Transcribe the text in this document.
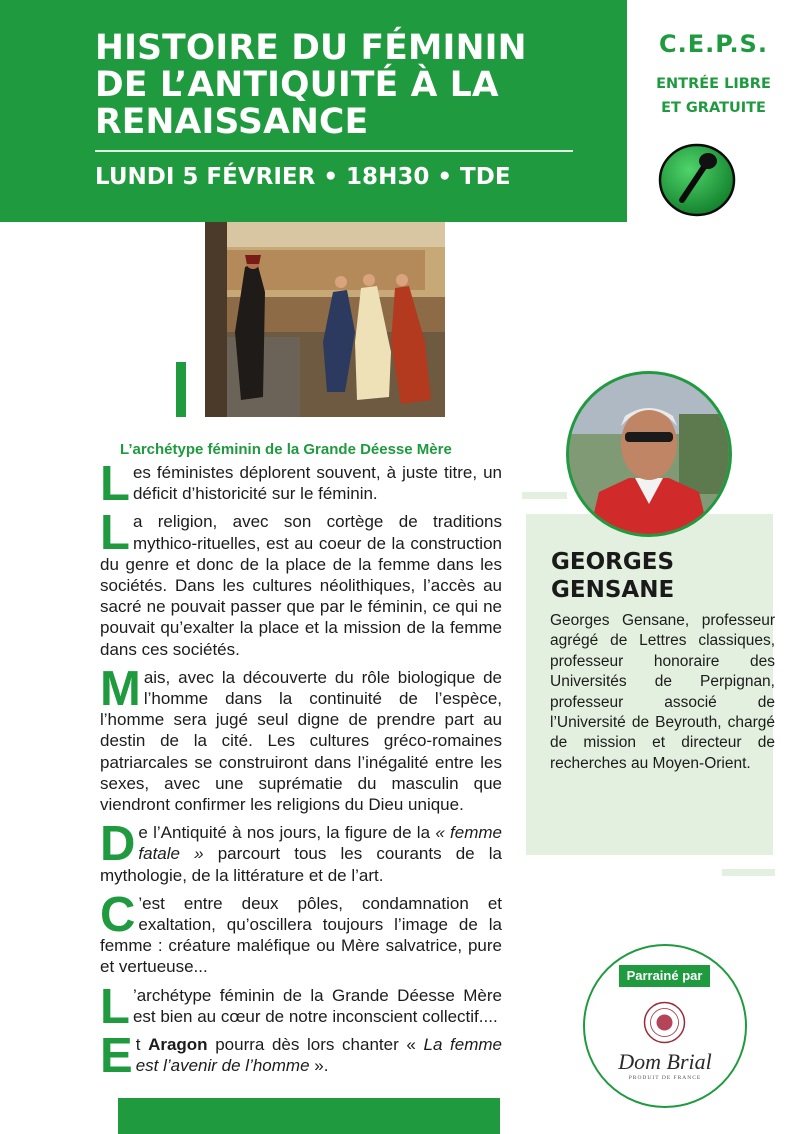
HISTOIRE DU FÉMININ
DE L’ANTIQUITÉ À LA
RENAISSANCE
LUNDI 5 FÉVRIER • 18H30 • TDE
C.E.P.S.
ENTRÉE LIBRE
ET GRATUITE
L’archétype féminin de la Grande Déesse Mère
L es féministes déplorent souvent, à juste titre, un déficit d’historicité sur le féminin.
L a religion, avec son cortège de traditions mythico-rituelles, est au coeur de la construction du genre et donc de la place de la femme dans les sociétés. Dans les cultures néolithiques, l’accès au sacré ne pouvait passer que par le féminin, ce qui ne pouvait qu’exalter la place et la mission de la femme dans ces sociétés.
M ais, avec la découverte du rôle biologique de l’homme dans la continuité de l’espèce, l’homme sera jugé seul digne de prendre part au destin de la cité. Les cultures gréco-romaines patriarcales se construiront dans l’inégalité entre les sexes, avec une suprématie du masculin que viendront confirmer les religions du Dieu unique.
D e l’Antiquité à nos jours, la figure de la « femme fatale » parcourt tous les courants de la mythologie, de la littérature et de l’art.
C ’est entre deux pôles, condamnation et exaltation, qu’oscillera toujours l’image de la femme : créature maléfique ou Mère salvatrice, pure et vertueuse...
L ’archétype féminin de la Grande Déesse Mère est bien au cœur de notre inconscient collectif....
E t Aragon pourra dès lors chanter « La femme est l’avenir de l’homme ».
GEORGES
GENSANE
Georges Gensane, professeur agrégé de Lettres classiques, professeur honoraire des Universités de Perpignan, professeur associé de l’Université de Beyrouth, chargé de mission et directeur de recherches au Moyen-Orient.
Parrainé par
Dom Brial
PRODUIT DE FRANCE
